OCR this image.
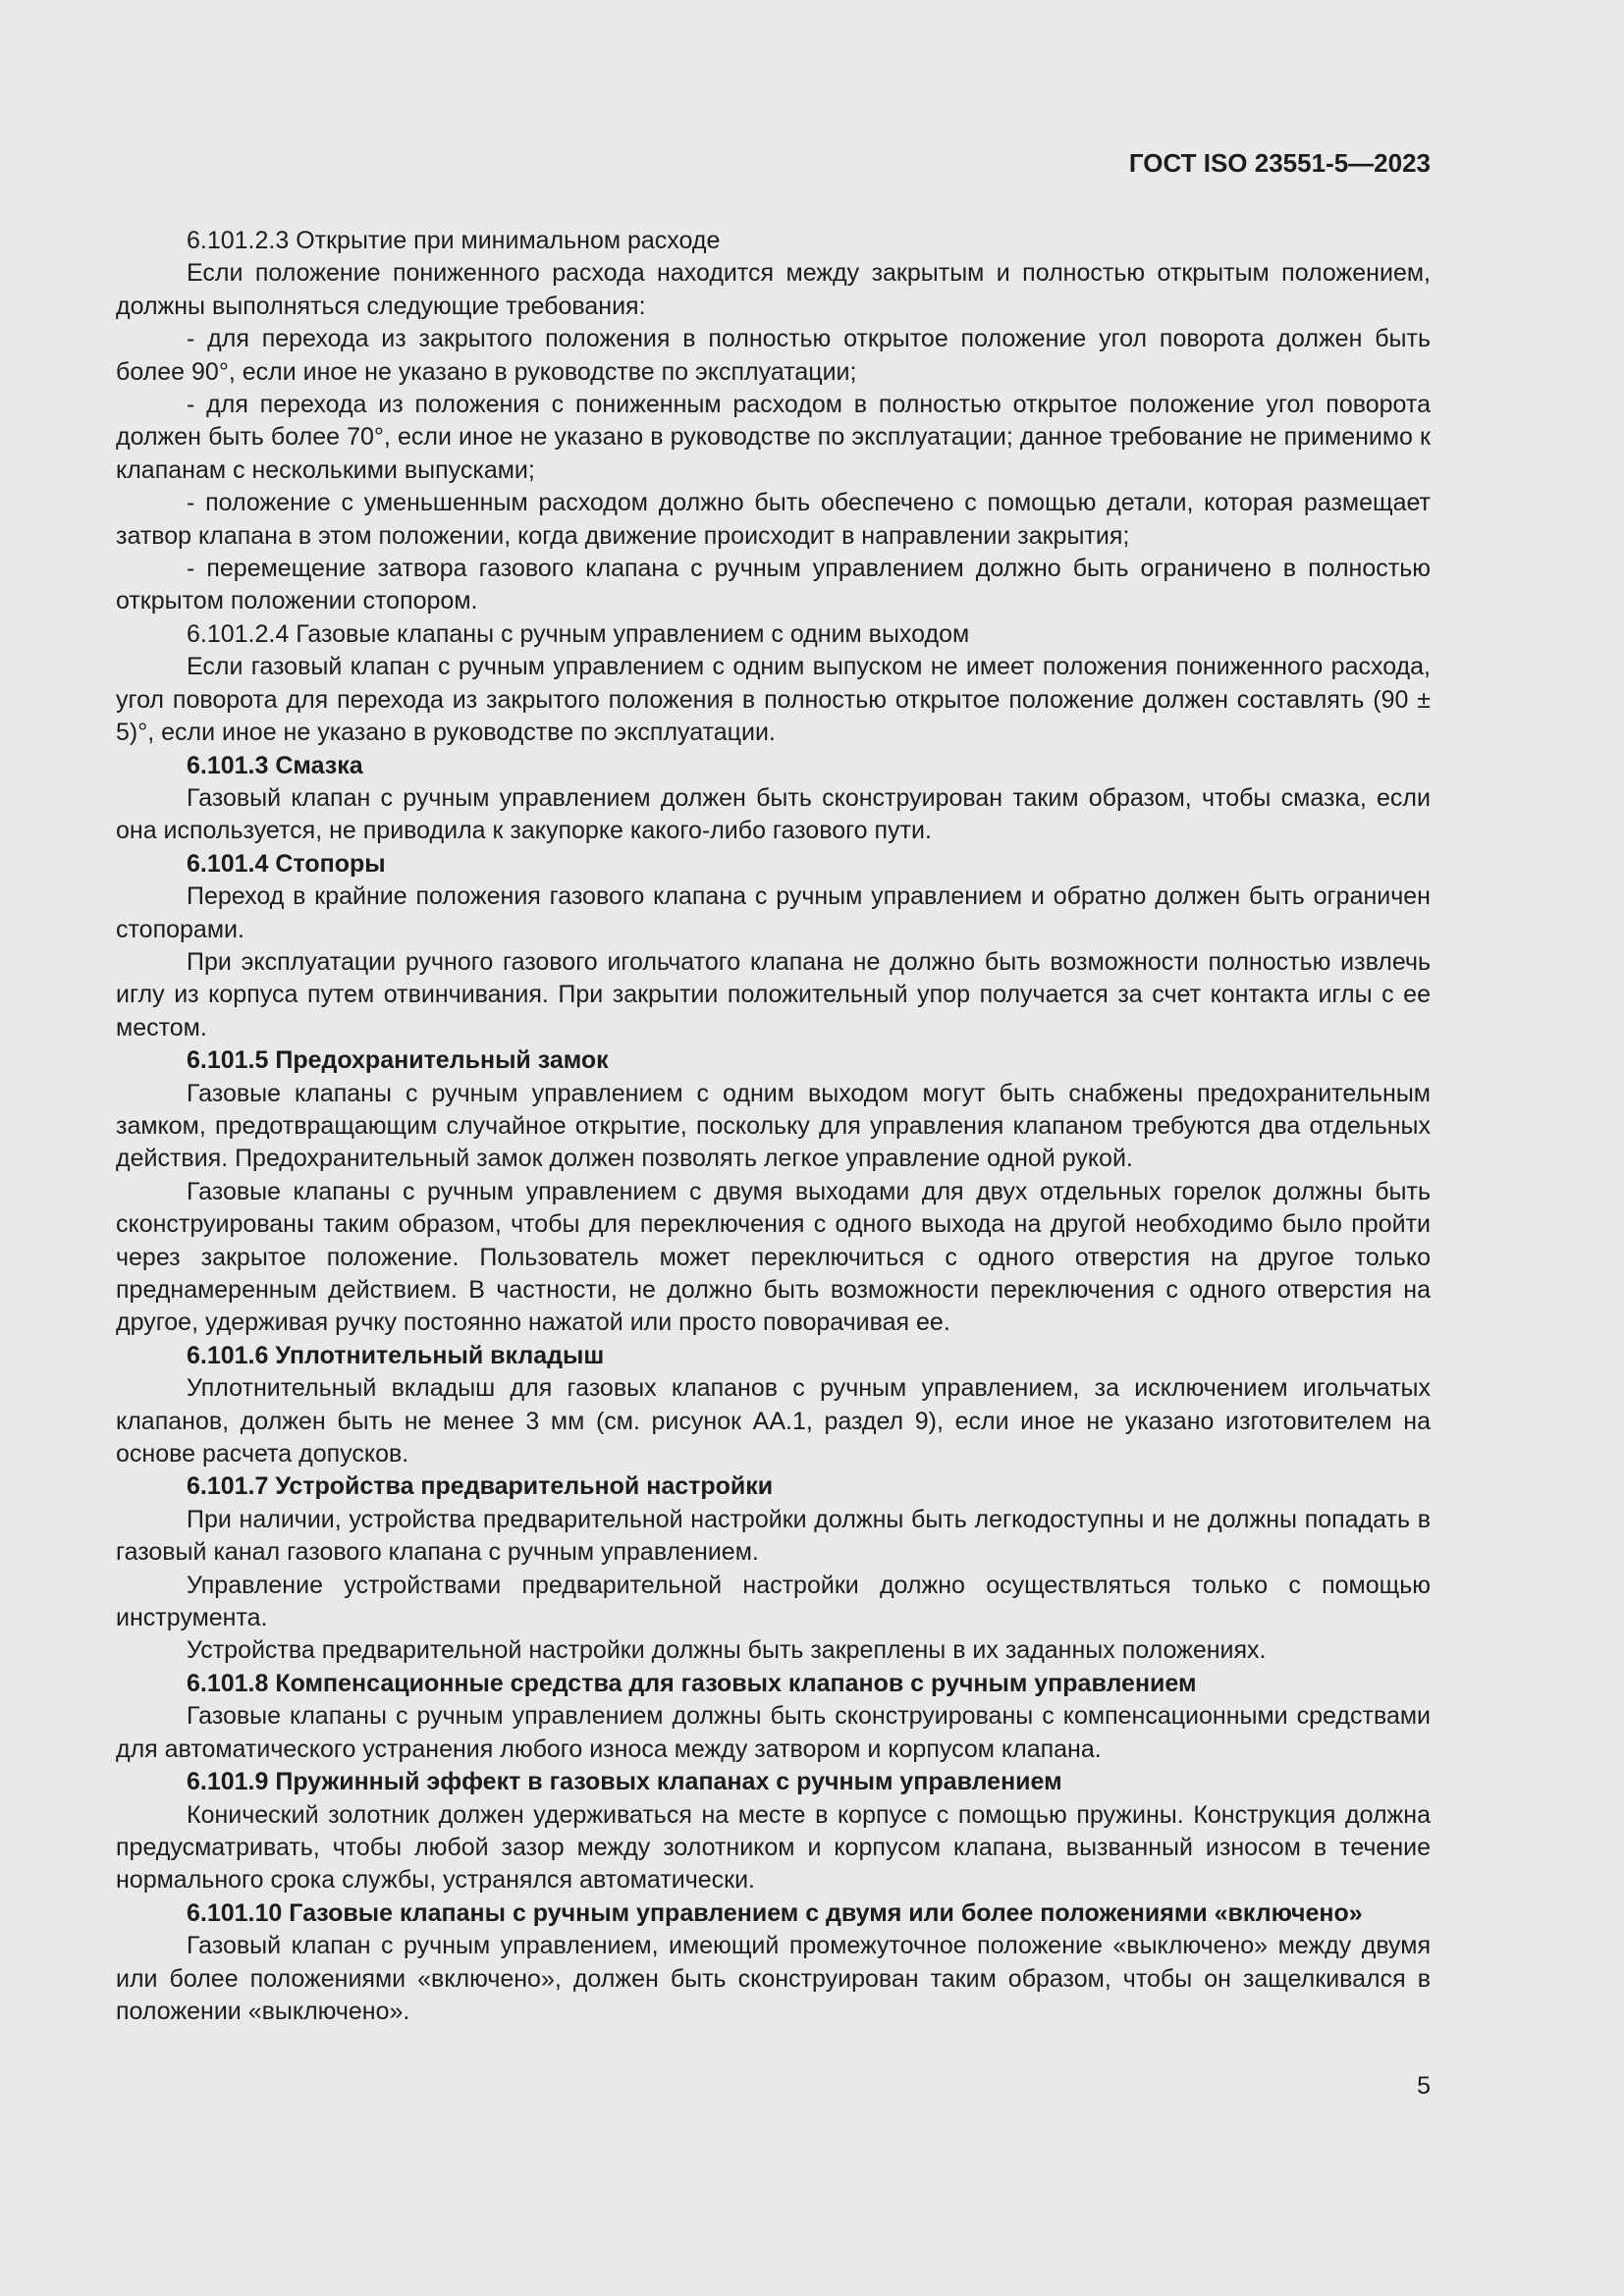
ГОСТ ISO 23551-5—2023

6.101.2.3 Открытие при минимальном расходе

Если положение пониженного расхода находится между закрытым и полностью открытым положением, должны выполняться следующие требования:

- для перехода из закрытого положения в полностью открытое положение угол поворота должен быть более 90°, если иное не указано в руководстве по эксплуатации;

- для перехода из положения с пониженным расходом в полностью открытое положение угол поворота должен быть более 70°, если иное не указано в руководстве по эксплуатации; данное требование не применимо к клапанам с несколькими выпусками;

- положение с уменьшенным расходом должно быть обеспечено с помощью детали, которая размещает затвор клапана в этом положении, когда движение происходит в направлении закрытия;

- перемещение затвора газового клапана с ручным управлением должно быть ограничено в полностью открытом положении стопором.

6.101.2.4 Газовые клапаны с ручным управлением с одним выходом

Если газовый клапан с ручным управлением с одним выпуском не имеет положения пониженного расхода, угол поворота для перехода из закрытого положения в полностью открытое положение должен составлять (90 ± 5)°, если иное не указано в руководстве по эксплуатации.

6.101.3 Смазка

Газовый клапан с ручным управлением должен быть сконструирован таким образом, чтобы смазка, если она используется, не приводила к закупорке какого-либо газового пути.

6.101.4 Стопоры

Переход в крайние положения газового клапана с ручным управлением и обратно должен быть ограничен стопорами.

При эксплуатации ручного газового игольчатого клапана не должно быть возможности полностью извлечь иглу из корпуса путем отвинчивания. При закрытии положительный упор получается за счет контакта иглы с ее местом.

6.101.5 Предохранительный замок

Газовые клапаны с ручным управлением с одним выходом могут быть снабжены предохранительным замком, предотвращающим случайное открытие, поскольку для управления клапаном требуются два отдельных действия. Предохранительный замок должен позволять легкое управление одной рукой.

Газовые клапаны с ручным управлением с двумя выходами для двух отдельных горелок должны быть сконструированы таким образом, чтобы для переключения с одного выхода на другой необходимо было пройти через закрытое положение. Пользователь может переключиться с одного отверстия на другое только преднамеренным действием. В частности, не должно быть возможности переключения с одного отверстия на другое, удерживая ручку постоянно нажатой или просто поворачивая ее.

6.101.6 Уплотнительный вкладыш

Уплотнительный вкладыш для газовых клапанов с ручным управлением, за исключением игольчатых клапанов, должен быть не менее 3 мм (см. рисунок АА.1, раздел 9), если иное не указано изготовителем на основе расчета допусков.

6.101.7 Устройства предварительной настройки

При наличии, устройства предварительной настройки должны быть легкодоступны и не должны попадать в газовый канал газового клапана с ручным управлением.

Управление устройствами предварительной настройки должно осуществляться только с помощью инструмента.

Устройства предварительной настройки должны быть закреплены в их заданных положениях.

6.101.8 Компенсационные средства для газовых клапанов с ручным управлением

Газовые клапаны с ручным управлением должны быть сконструированы с компенсационными средствами для автоматического устранения любого износа между затвором и корпусом клапана.

6.101.9 Пружинный эффект в газовых клапанах с ручным управлением

Конический золотник должен удерживаться на месте в корпусе с помощью пружины. Конструкция должна предусматривать, чтобы любой зазор между золотником и корпусом клапана, вызванный износом в течение нормального срока службы, устранялся автоматически.

6.101.10 Газовые клапаны с ручным управлением с двумя или более положениями «включено»

Газовый клапан с ручным управлением, имеющий промежуточное положение «выключено» между двумя или более положениями «включено», должен быть сконструирован таким образом, чтобы он защелкивался в положении «выключено».

5
